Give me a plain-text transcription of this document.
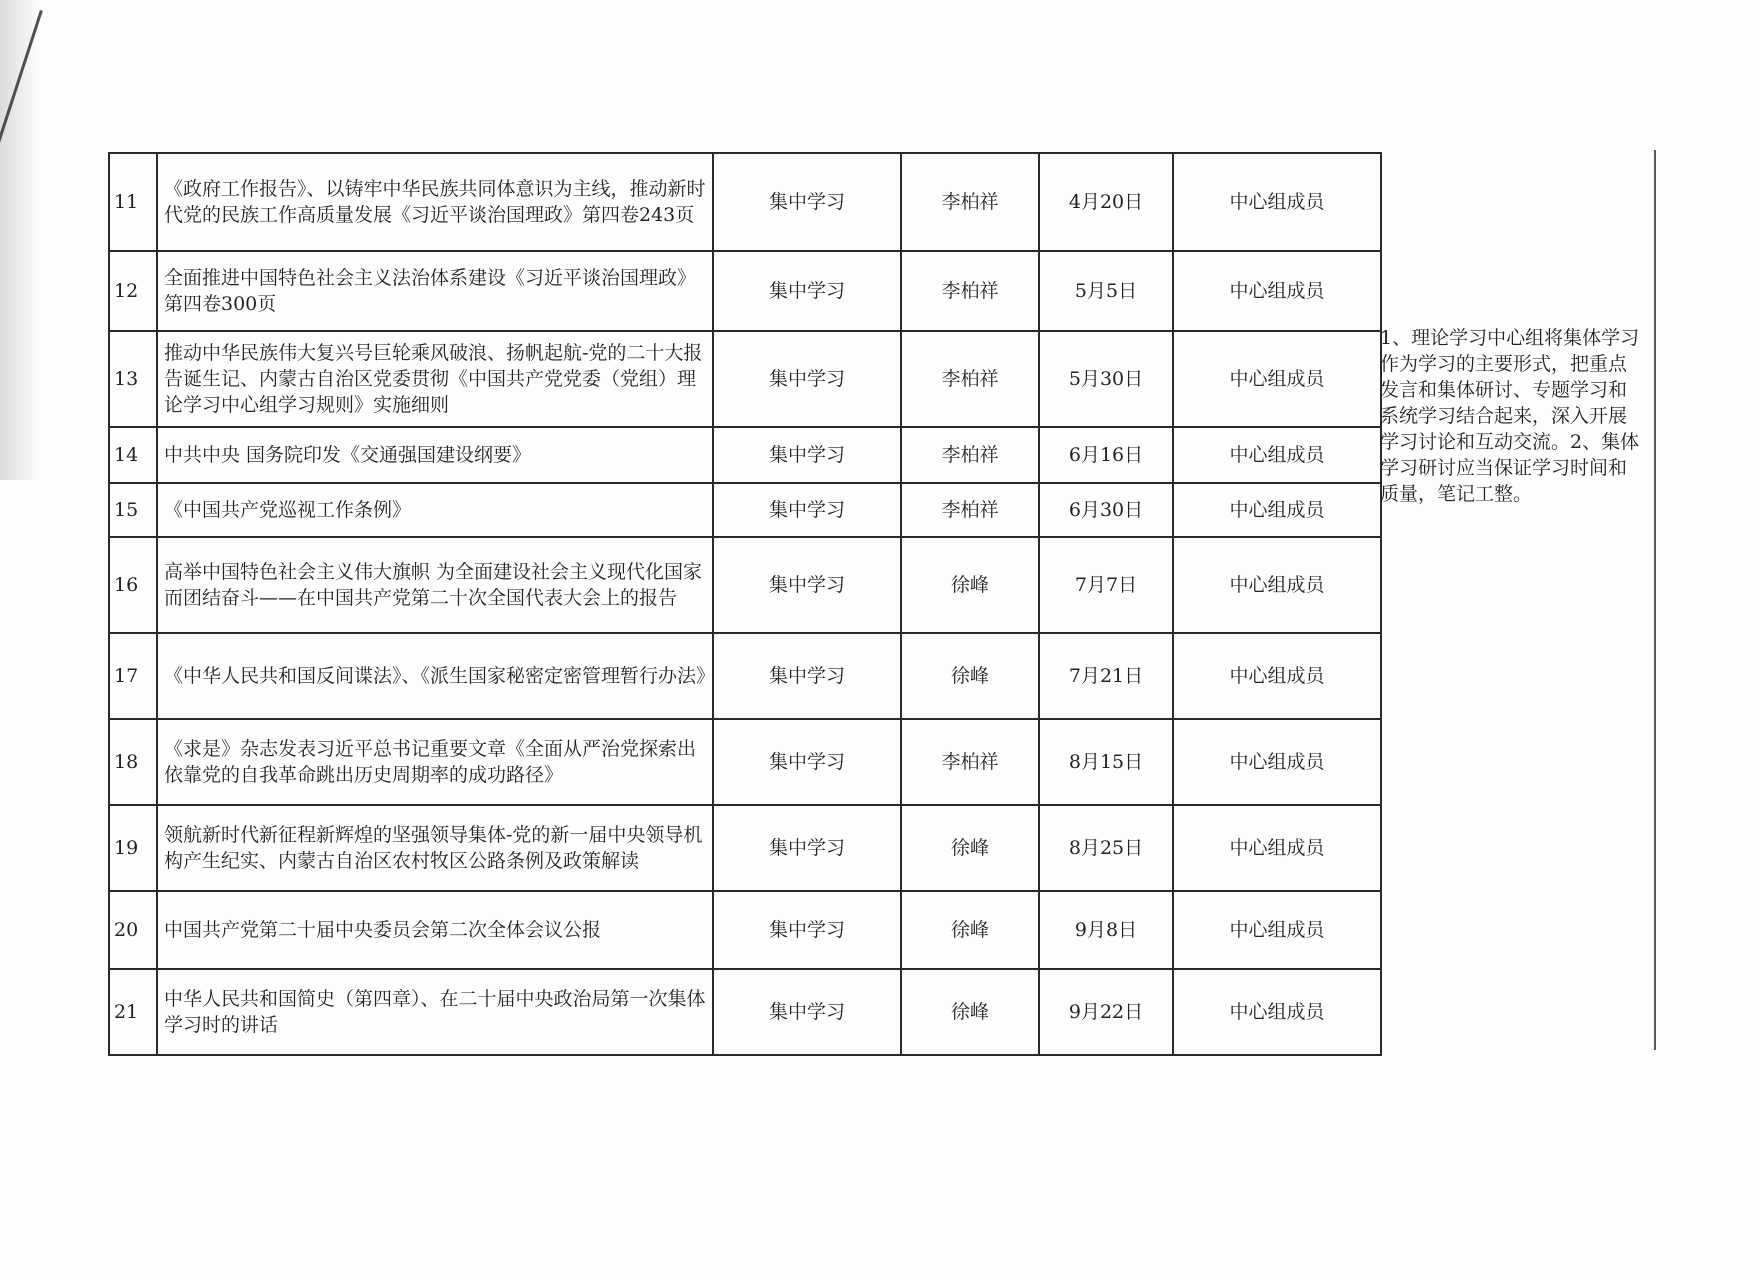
11	《政府工作报告》、以铸牢中华民族共同体意识为主线，推动新时代党的民族工作高质量发展《习近平谈治国理政》第四卷243页	集中学习	李柏祥	4月20日	中心组成员
12	全面推进中国特色社会主义法治体系建设《习近平谈治国理政》第四卷300页	集中学习	李柏祥	5月5日	中心组成员
13	推动中华民族伟大复兴号巨轮乘风破浪、扬帆起航-党的二十大报告诞生记、内蒙古自治区党委贯彻《中国共产党党委（党组）理论学习中心组学习规则》实施细则	集中学习	李柏祥	5月30日	中心组成员
14	中共中央 国务院印发《交通强国建设纲要》	集中学习	李柏祥	6月16日	中心组成员
15	《中国共产党巡视工作条例》	集中学习	李柏祥	6月30日	中心组成员
16	高举中国特色社会主义伟大旗帜 为全面建设社会主义现代化国家而团结奋斗——在中国共产党第二十次全国代表大会上的报告	集中学习	徐峰	7月7日	中心组成员
17	《中华人民共和国反间谍法》、《派生国家秘密定密管理暂行办法》	集中学习	徐峰	7月21日	中心组成员
18	《求是》杂志发表习近平总书记重要文章《全面从严治党探索出依靠党的自我革命跳出历史周期率的成功路径》	集中学习	李柏祥	8月15日	中心组成员
19	领航新时代新征程新辉煌的坚强领导集体-党的新一届中央领导机构产生纪实、内蒙古自治区农村牧区公路条例及政策解读	集中学习	徐峰	8月25日	中心组成员
20	中国共产党第二十届中央委员会第二次全体会议公报	集中学习	徐峰	9月8日	中心组成员
21	中华人民共和国简史（第四章）、在二十届中央政治局第一次集体学习时的讲话	集中学习	徐峰	9月22日	中心组成员
1、理论学习中心组将集体学习作为学习的主要形式，把重点发言和集体研讨、专题学习和系统学习结合起来，深入开展学习讨论和互动交流。2、集体学习研讨应当保证学习时间和质量，笔记工整。
